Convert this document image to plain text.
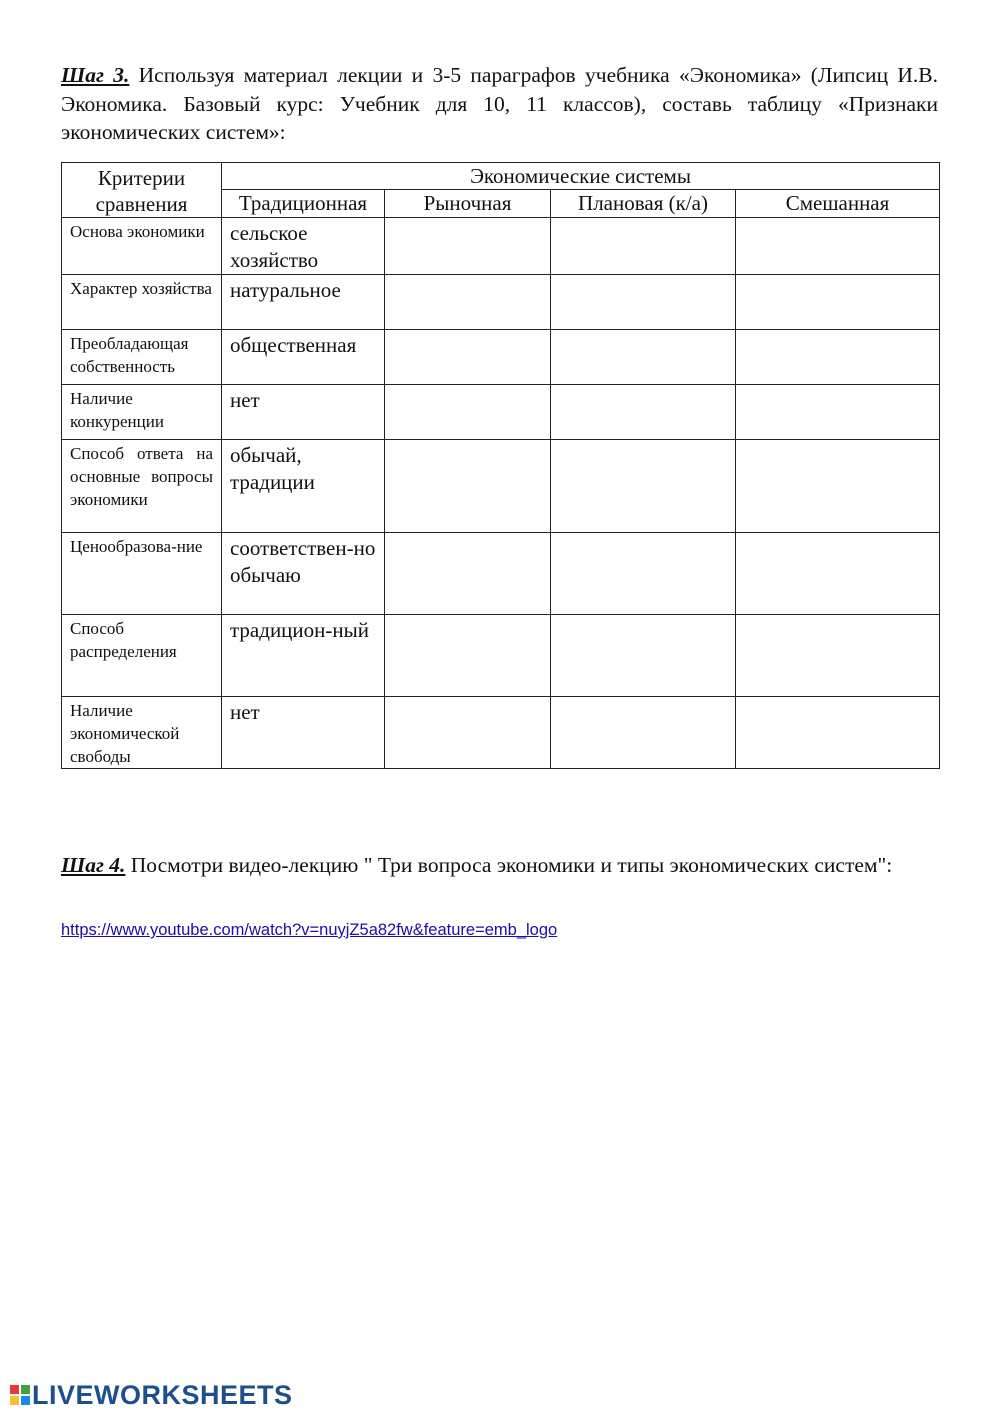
Шаг 3. Используя материал лекции и 3-5 параграфов учебника «Экономика» (Липсиц И.В. Экономика. Базовый курс: Учебник для 10, 11 классов), составь таблицу «Признаки экономических систем»:
Критерии сравнения	Экономические системы			
	Традиционная	Рыночная	Плановая (к/а)	Смешанная
Основа экономики	сельское хозяйство			
Характер хозяйства	натуральное			
Преобладающая собственность	общественная			
Наличие конкуренции	нет			
Способ ответа на основные вопросы экономики	обычай, традиции			
Ценообразова-ние	соответствен-но обычаю			
Способ распределения	традицион-ный			
Наличие экономической свободы	нет			
Шаг 4. Посмотри видео-лекцию " Три вопроса экономики и типы экономических систем":
https://www.youtube.com/watch?v=nuyjZ5a82fw&feature=emb_logo
LIVEWORKSHEETS
